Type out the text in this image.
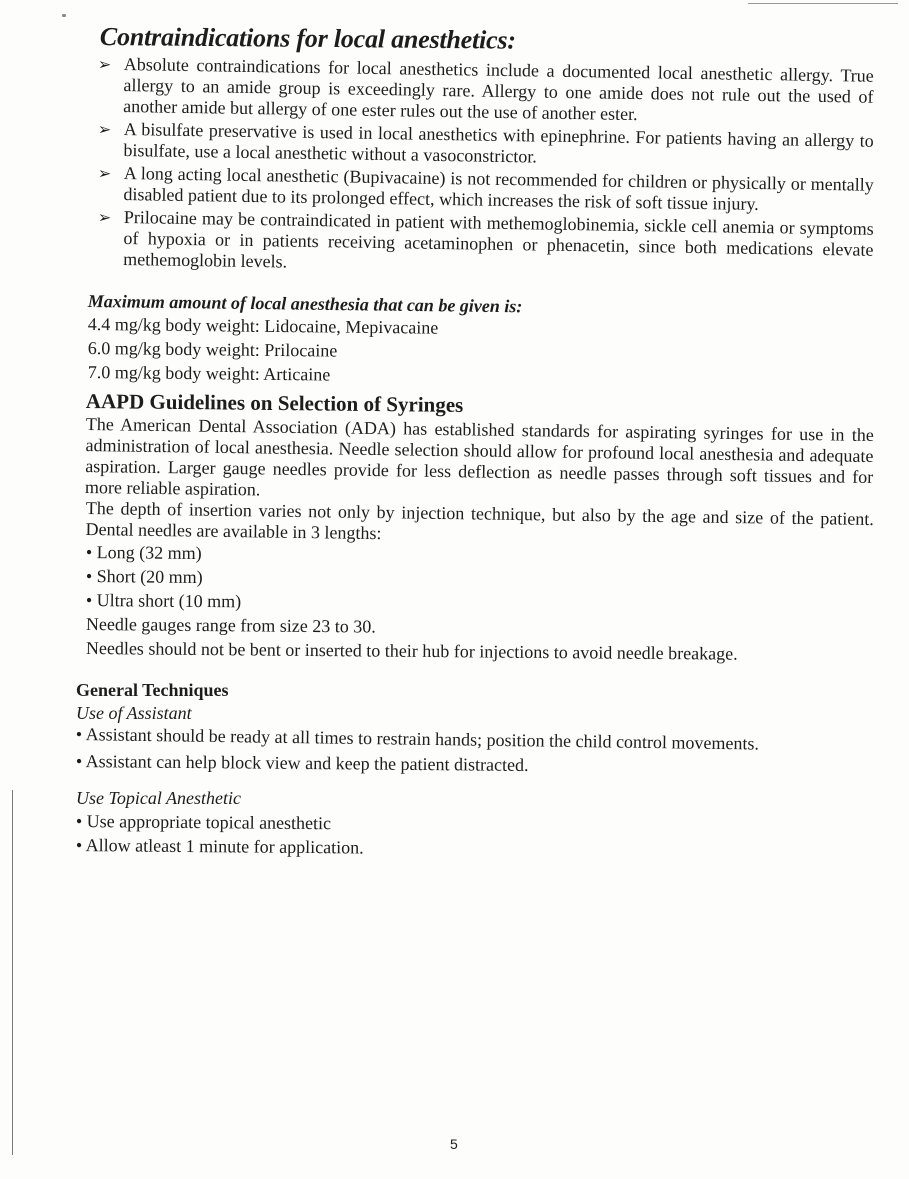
Contraindications for local anesthetics:
➢ Absolute contraindications for local anesthetics include a documented local anesthetic allergy. True allergy to an amide group is exceedingly rare. Allergy to one amide does not rule out the used of another amide but allergy of one ester rules out the use of another ester.
➢ A bisulfate preservative is used in local anesthetics with epinephrine. For patients having an allergy to bisulfate, use a local anesthetic without a vasoconstrictor.
➢ A long acting local anesthetic (Bupivacaine) is not recommended for children or physically or mentally disabled patient due to its prolonged effect, which increases the risk of soft tissue injury.
➢ Prilocaine may be contraindicated in patient with methemoglobinemia, sickle cell anemia or symptoms of hypoxia or in patients receiving acetaminophen or phenacetin, since both medications elevate methemoglobin levels.
Maximum amount of local anesthesia that can be given is:

4.4 mg/kg body weight: Lidocaine, Mepivacaine

6.0 mg/kg body weight: Prilocaine

7.0 mg/kg body weight: Articaine

AAPD Guidelines on Selection of Syringes

The American Dental Association (ADA) has established standards for aspirating syringes for use in the administration of local anesthesia. Needle selection should allow for profound local anesthesia and adequate aspiration. Larger gauge needles provide for less deflection as needle passes through soft tissues and for more reliable aspiration.

The depth of insertion varies not only by injection technique, but also by the age and size of the patient. Dental needles are available in 3 lengths:

• Long (32 mm)

• Short (20 mm)

• Ultra short (10 mm)

Needle gauges range from size 23 to 30.

Needles should not be bent or inserted to their hub for injections to avoid needle breakage.

General Techniques
Use of Assistant

• Assistant should be ready at all times to restrain hands; position the child control movements.

• Assistant can help block view and keep the patient distracted.

Use Topical Anesthetic

• Use appropriate topical anesthetic

• Allow atleast 1 minute for application.

5
